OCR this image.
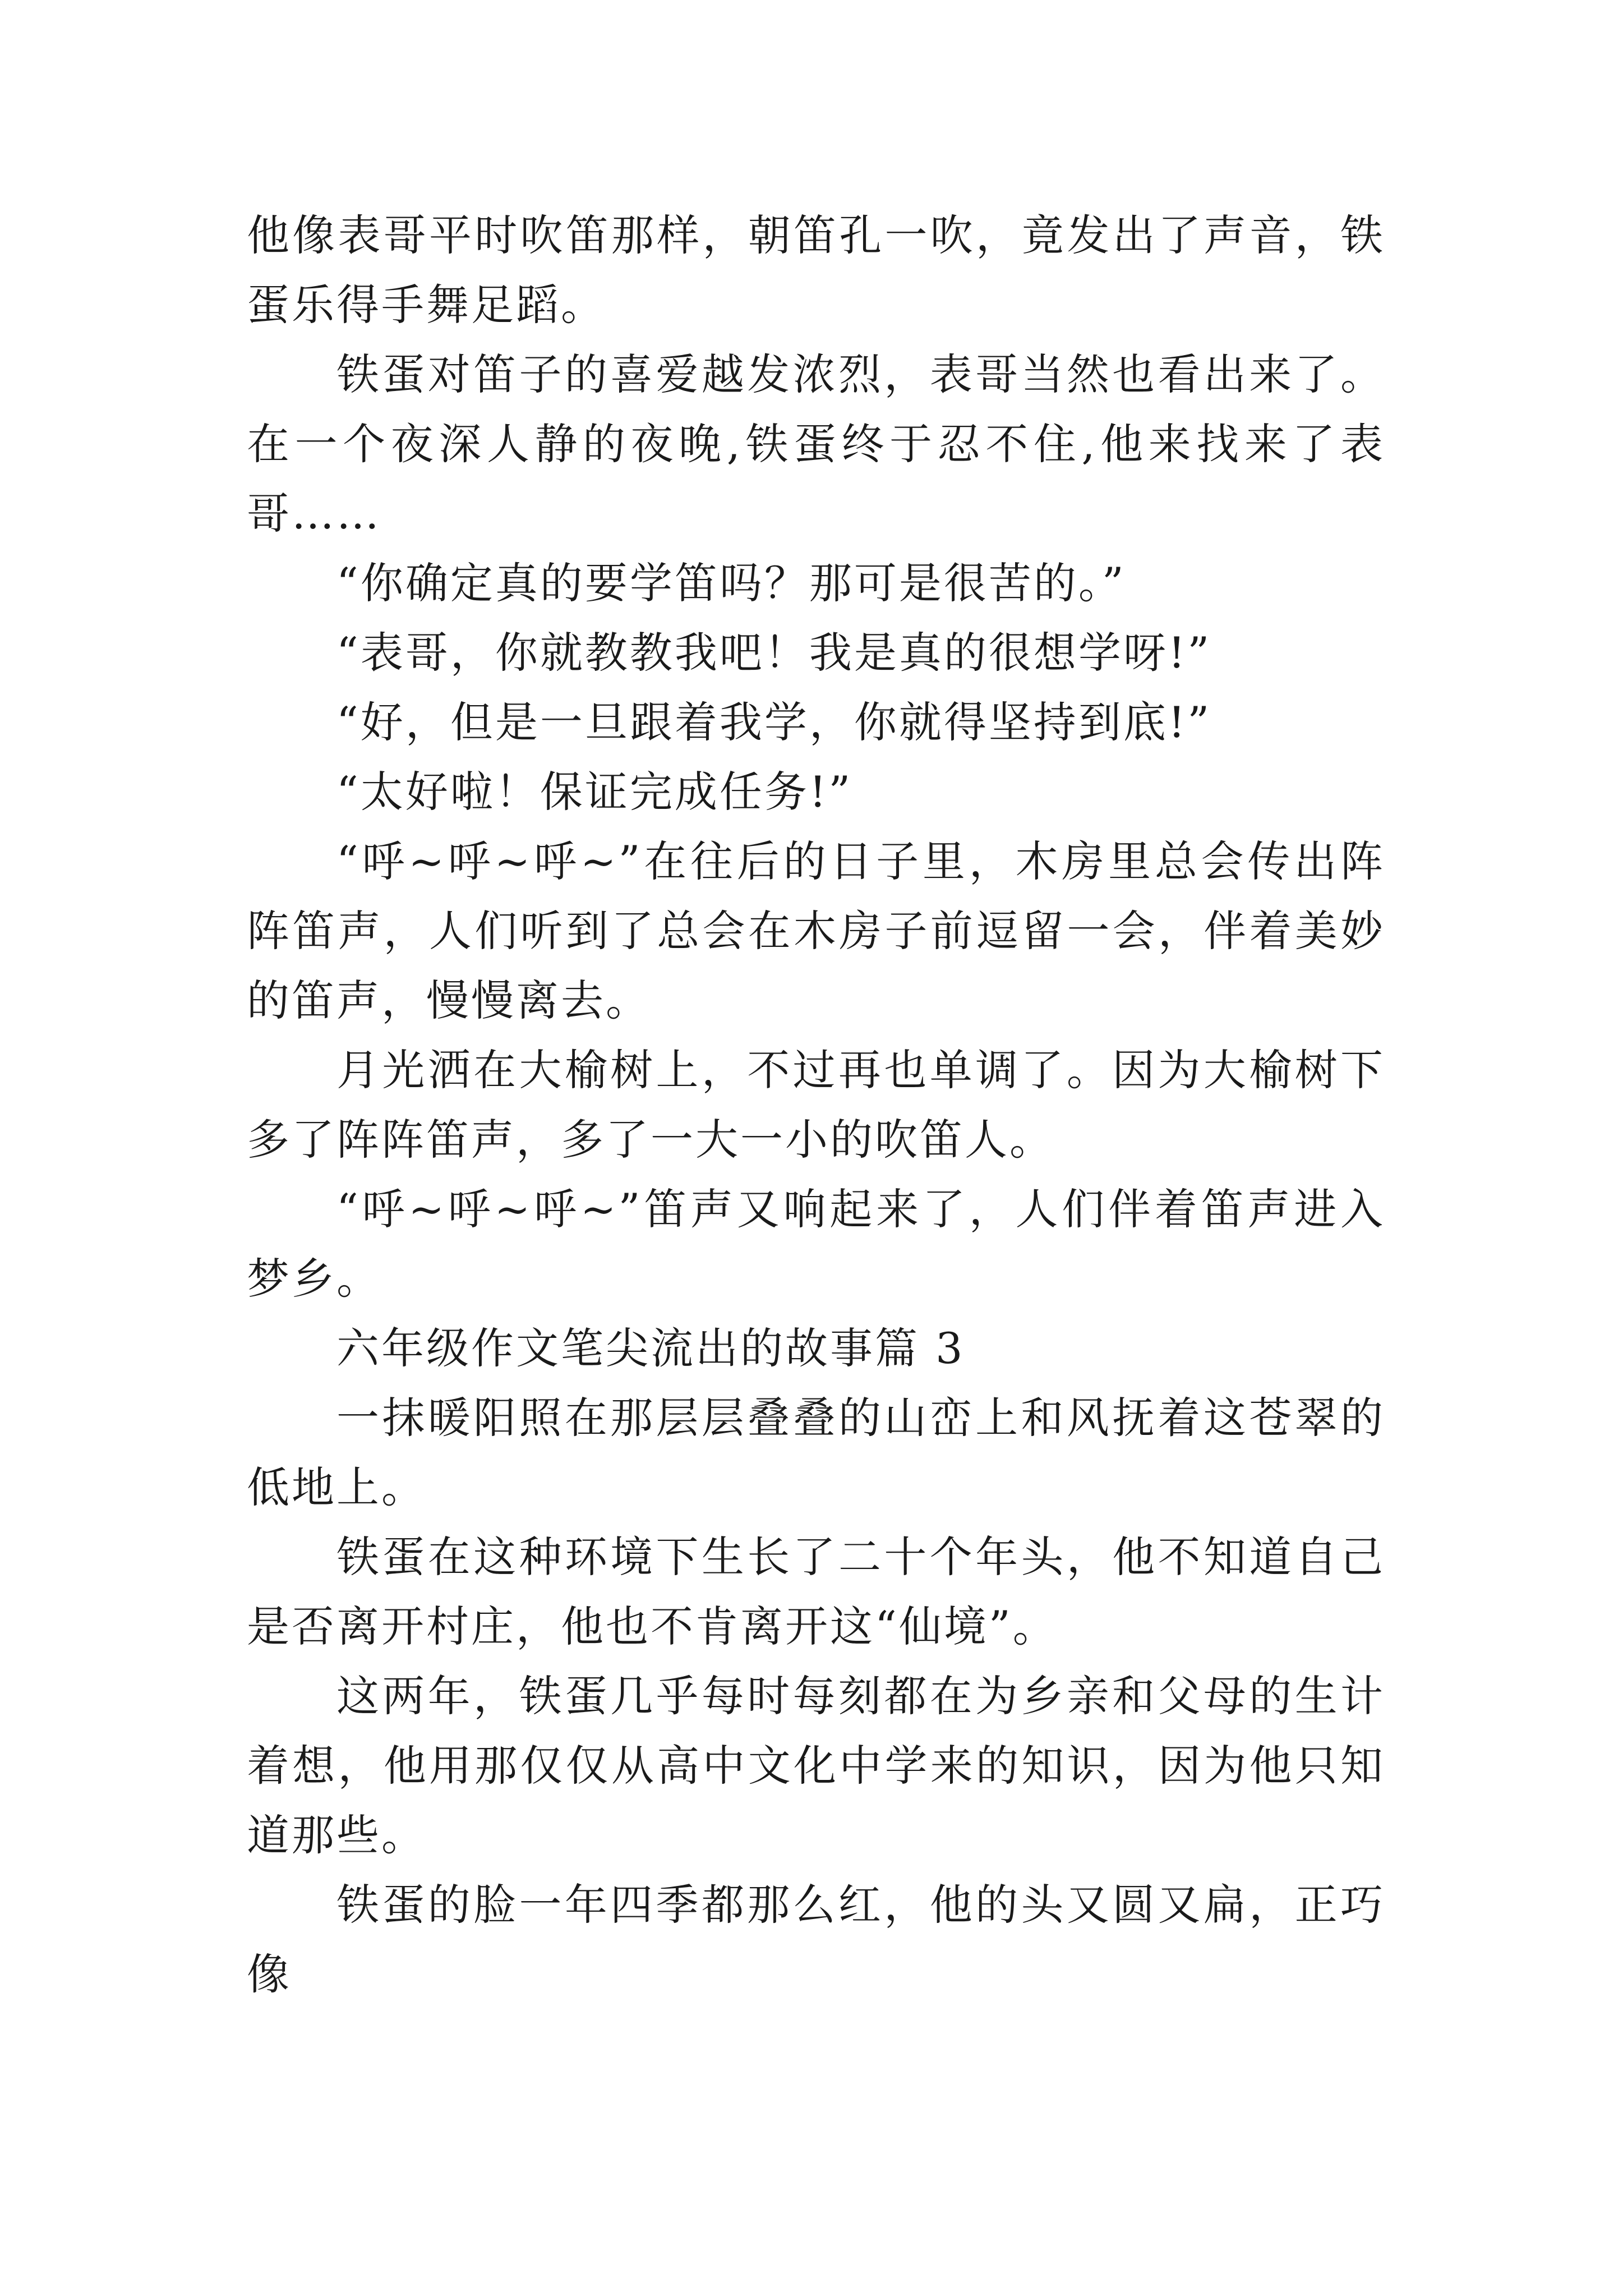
他像表哥平时吹笛那样，朝笛孔一吹，竟发出了声音，铁蛋乐得手舞足蹈。

铁蛋对笛子的喜爱越发浓烈，表哥当然也看出来了。在一个夜深人静的夜晚,铁蛋终于忍不住,他来找来了表哥……

“你确定真的要学笛吗？那可是很苦的。”

“表哥，你就教教我吧！我是真的很想学呀!”

“好，但是一旦跟着我学，你就得坚持到底!”

“太好啦！保证完成任务!”

“呼~呼~呼~”在往后的日子里，木房里总会传出阵阵笛声，人们听到了总会在木房子前逗留一会，伴着美妙的笛声，慢慢离去。

月光洒在大榆树上，不过再也单调了。因为大榆树下多了阵阵笛声，多了一大一小的吹笛人。

“呼~呼~呼~”笛声又响起来了，人们伴着笛声进入梦乡。

六年级作文笔尖流出的故事篇 3

一抹暖阳照在那层层叠叠的山峦上和风抚着这苍翠的低地上。

铁蛋在这种环境下生长了二十个年头，他不知道自己是否离开村庄，他也不肯离开这“仙境”。

这两年，铁蛋几乎每时每刻都在为乡亲和父母的生计着想，他用那仅仅从高中文化中学来的知识，因为他只知道那些。

铁蛋的脸一年四季都那么红，他的头又圆又扁，正巧像
